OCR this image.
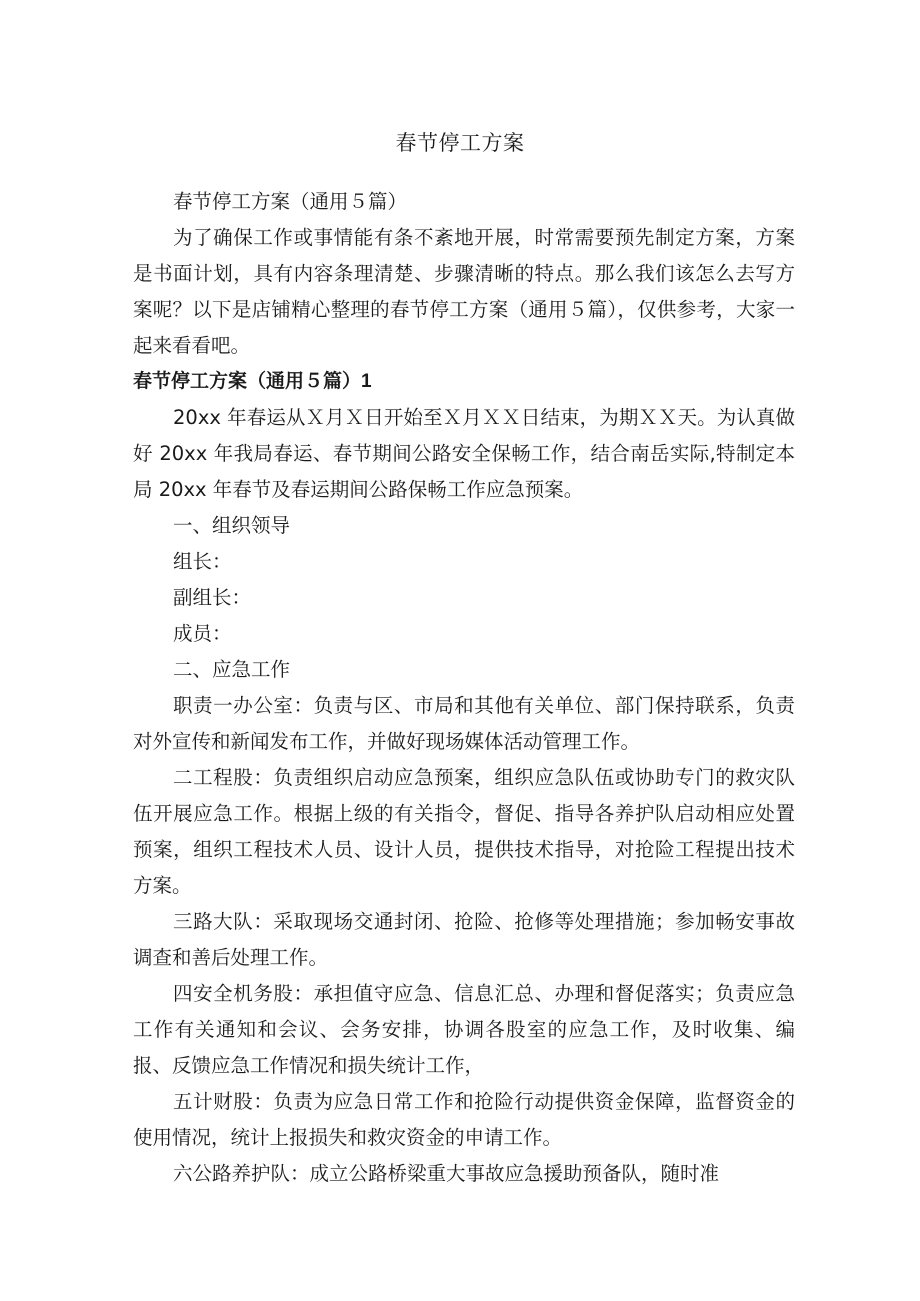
春节停工方案

春节停工方案（通用５篇）

为了确保工作或事情能有条不紊地开展，时常需要预先制定方案，方案是书面计划，具有内容条理清楚、步骤清晰的特点。那么我们该怎么去写方案呢？以下是店铺精心整理的春节停工方案（通用５篇），仅供参考，大家一起来看看吧。

春节停工方案（通用５篇）1

20xx 年春运从Ｘ月Ｘ日开始至Ｘ月ＸＸ日结束，为期ＸＸ天。为认真做好 20xx 年我局春运、春节期间公路安全保畅工作，结合南岳实际,特制定本局 20xx 年春节及春运期间公路保畅工作应急预案。

一、组织领导

组长：

副组长：

成员：

二、应急工作

职责一办公室：负责与区、市局和其他有关单位、部门保持联系，负责对外宣传和新闻发布工作，并做好现场媒体活动管理工作。

二工程股：负责组织启动应急预案，组织应急队伍或协助专门的救灾队伍开展应急工作。根据上级的有关指令，督促、指导各养护队启动相应处置预案，组织工程技术人员、设计人员，提供技术指导，对抢险工程提出技术方案。

三路大队：采取现场交通封闭、抢险、抢修等处理措施；参加畅安事故调查和善后处理工作。

四安全机务股：承担值守应急、信息汇总、办理和督促落实；负责应急工作有关通知和会议、会务安排，协调各股室的应急工作，及时收集、编报、反馈应急工作情况和损失统计工作，

五计财股：负责为应急日常工作和抢险行动提供资金保障，监督资金的使用情况，统计上报损失和救灾资金的申请工作。

六公路养护队：成立公路桥梁重大事故应急援助预备队，随时准
